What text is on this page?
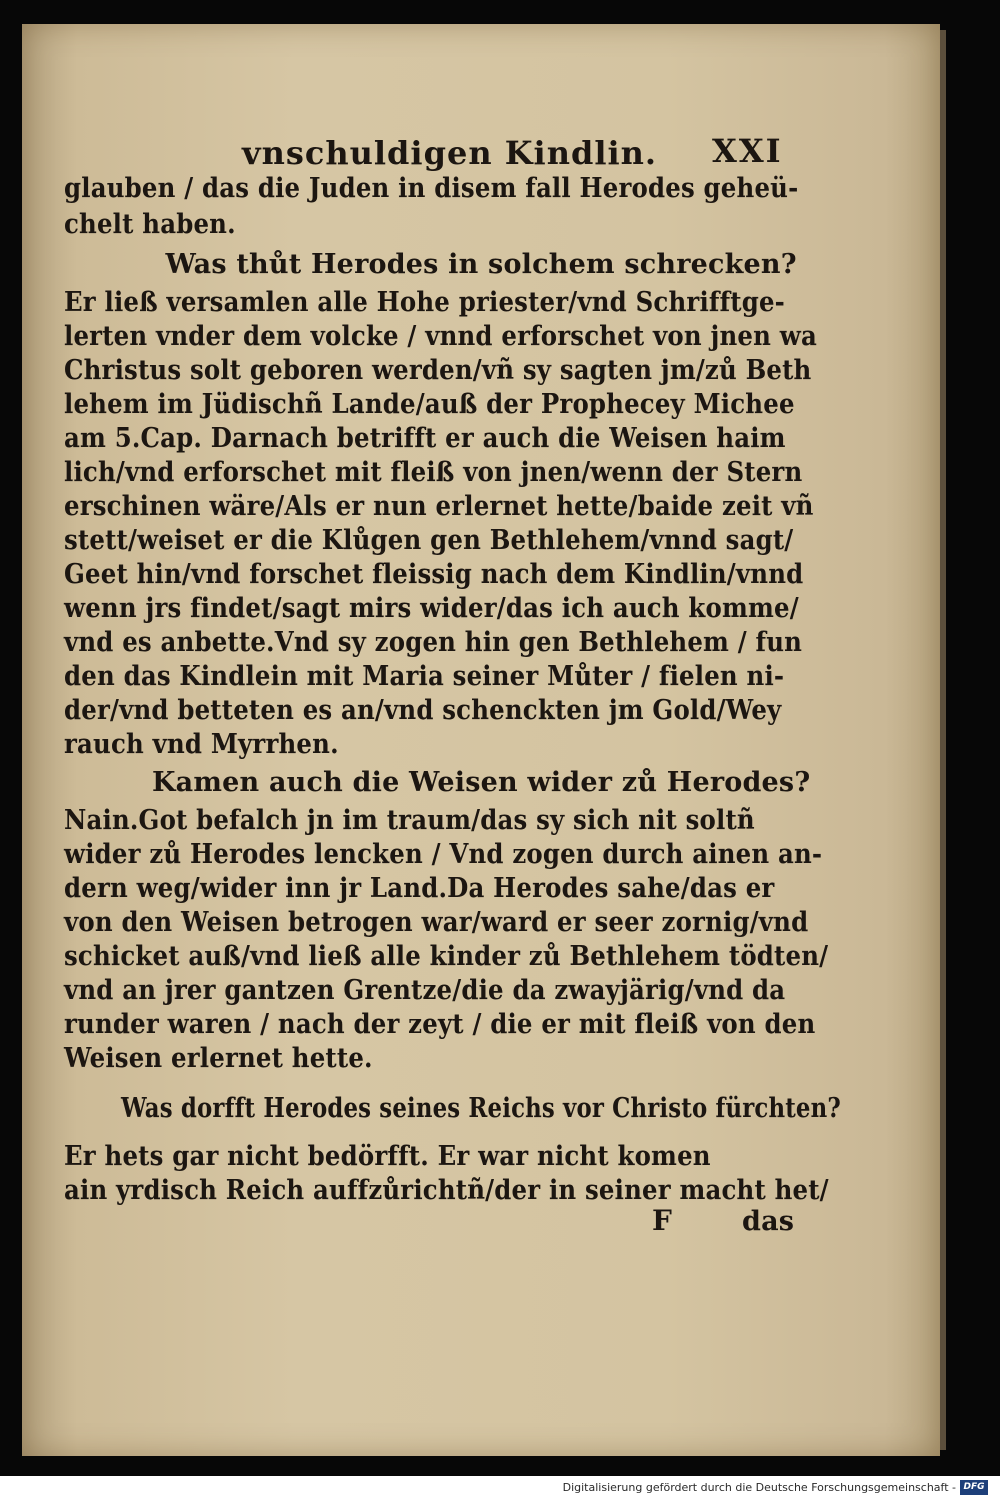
vnschuldigen Kindlin. XXI
glauben / das die Juden in disem fall Herodes geheü-
chelt haben.
Was thůt Herodes in solchem schrecken?
Er ließ versamlen alle Hohe priester/vnd Schrifftge-
lerten vnder dem volcke / vnnd erforschet von jnen wa
Christus solt geboren werden/vñ sy sagten jm/zů Beth
lehem im Jüdischñ Lande/auß der Prophecey Michee
am 5.Cap. Darnach betrifft er auch die Weisen haim
lich/vnd erforschet mit fleiß von jnen/wenn der Stern
erschinen wäre/Als er nun erlernet hette/baide zeit vñ
stett/weiset er die Klůgen gen Bethlehem/vnnd sagt/
Geet hin/vnd forschet fleissig nach dem Kindlin/vnnd
wenn jrs findet/sagt mirs wider/das ich auch komme/
vnd es anbette.Vnd sy zogen hin gen Bethlehem / fun
den das Kindlein mit Maria seiner Můter / fielen ni-
der/vnd betteten es an/vnd schenckten jm Gold/Wey
rauch vnd Myrrhen.
Kamen auch die Weisen wider zů Herodes?
Nain.Got befalch jn im traum/das sy sich nit soltñ
wider zů Herodes lencken / Vnd zogen durch ainen an-
dern weg/wider inn jr Land.Da Herodes sahe/das er
von den Weisen betrogen war/ward er seer zornig/vnd
schicket auß/vnd ließ alle kinder zů Bethlehem tödten/
vnd an jrer gantzen Grentze/die da zwayjärig/vnd da
runder waren / nach der zeyt / die er mit fleiß von den
Weisen erlernet hette.
Was dorfft Herodes seines Reichs vor Christo fürchten?
Er hets gar nicht bedörfft. Er war nicht komen
ain yrdisch Reich auffzůrichtñ/der in seiner macht het/
F	das
Digitalisierung gefördert durch die Deutsche Forschungsgemeinschaft - DFG
